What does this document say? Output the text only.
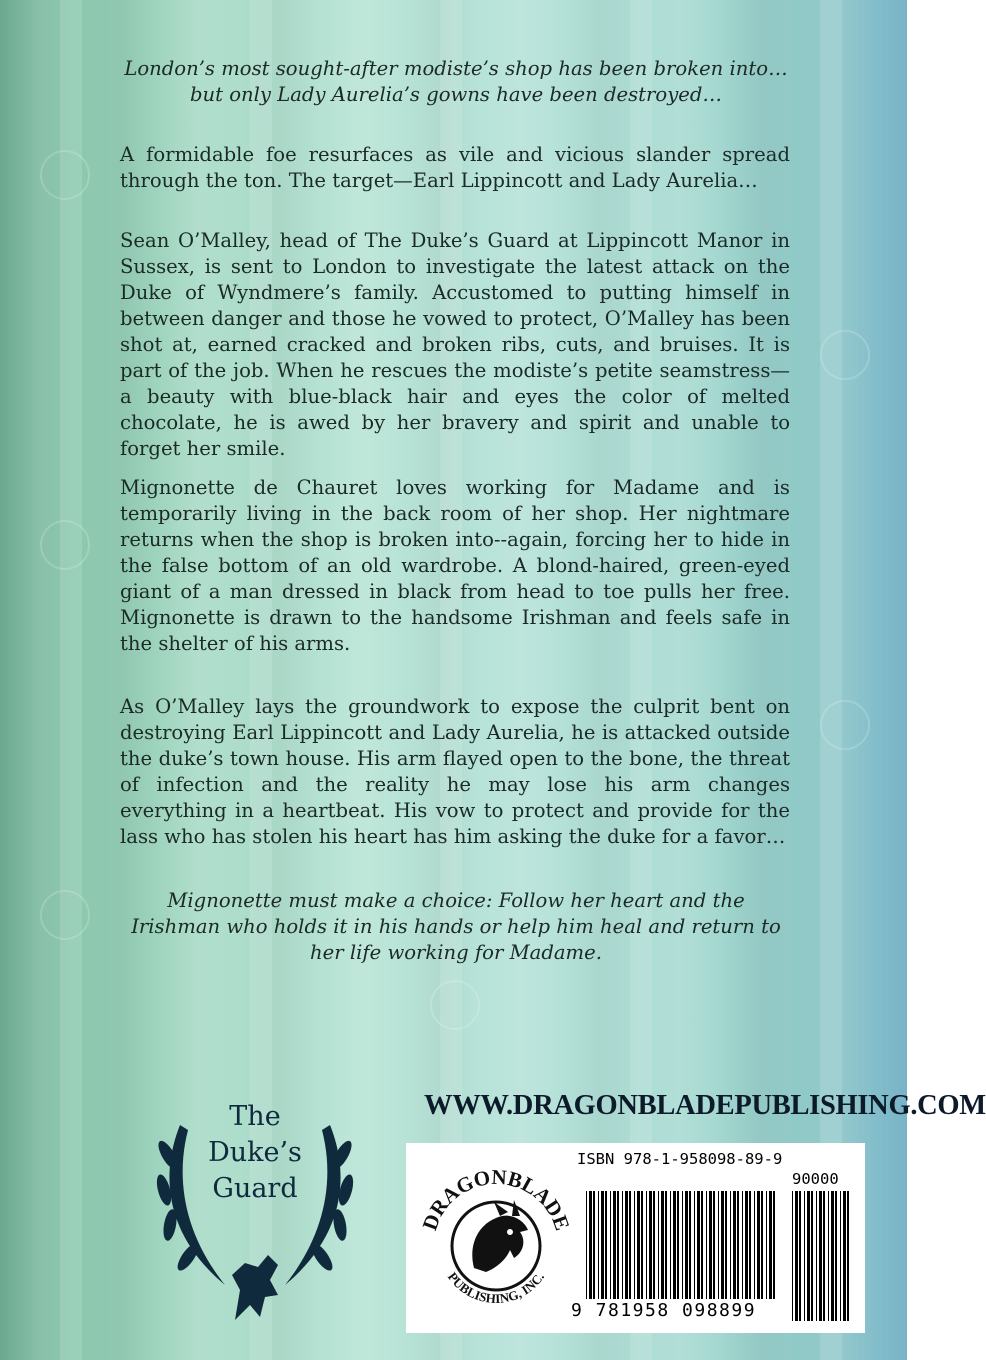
London’s most sought-after modiste’s shop has been broken into… but only Lady Aurelia’s gowns have been destroyed…

A formidable foe resurfaces as vile and vicious slander spread through the ton. The target—Earl Lippincott and Lady Aurelia…

Sean O’Malley, head of The Duke’s Guard at Lippincott Manor in Sussex, is sent to London to investigate the latest attack on the Duke of Wyndmere’s family. Accustomed to putting himself in between danger and those he vowed to protect, O’Malley has been shot at, earned cracked and broken ribs, cuts, and bruises. It is part of the job. When he rescues the modiste’s petite seamstress—a beauty with blue-black hair and eyes the color of melted chocolate, he is awed by her bravery and spirit and unable to forget her smile.

Mignonette de Chauret loves working for Madame and is temporarily living in the back room of her shop. Her nightmare returns when the shop is broken into--again, forcing her to hide in the false bottom of an old wardrobe. A blond-haired, green-eyed giant of a man dressed in black from head to toe pulls her free. Mignonette is drawn to the handsome Irishman and feels safe in the shelter of his arms.

As O’Malley lays the groundwork to expose the culprit bent on destroying Earl Lippincott and Lady Aurelia, he is attacked outside the duke’s town house. His arm flayed open to the bone, the threat of infection and the reality he may lose his arm changes everything in a heartbeat. His vow to protect and provide for the lass who has stolen his heart has him asking the duke for a favor…

Mignonette must make a choice: Follow her heart and the Irishman who holds it in his hands or help him heal and return to her life working for Madame.

The
Duke’s
Guard

WWW.DRAGONBLADEPUBLISHING.COM

DRAGONBLADE
PUBLISHING, INC.

ISBN 978-1-958098-89-9

90000

9 781958 098899
